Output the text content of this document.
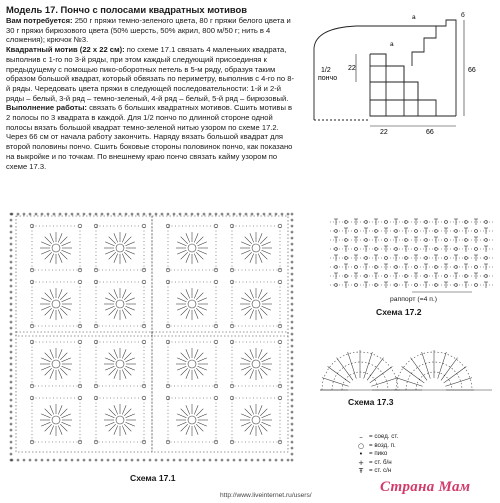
Модель 17. Пончо с полосами квадратных мотивов

Вам потребуется: 250 г пряжи темно-зеленого цвета, 80 г пряжи белого цвета и 30 г пряжи бирюзового цвета (50% шерсть, 50% акрил, 800 м/50 г; нить в 4 сложения); крючок №3.

Квадратный мотив (22 x 22 см): по схеме 17.1 связать 4 маленьких квадрата, выполнив с 1-го по 3-й ряды, при этом каждый следующий присоединяя к предыдущему с помощью пико-оборотных петель в 5-м ряду, образуя таким образом большой квадрат, который обвязать по периметру, выполнив с 4-го по 8-й ряды. Чередовать цвета пряжи в следующей последовательности: 1-й и 2-й ряды – белый, 3-й ряд – темно-зеленый, 4-й ряд – белый, 5-й ряд – бирюзовый.

Выполнение работы: связать 6 больших квадратных мотивов. Сшить мотивы в 2 полосы по 3 квадрата в каждой. Для 1/2 пончо по длинной стороне одной полосы вязать большой квадрат темно-зеленой нитью узором по схеме 17.2. Через 66 см от начала работу закончить. Наряду вязать большой квадрат для второй половины пончо. Сшить боковые стороны половинок пончо, как показано на выкройке и по точкам. По внешнему краю пончо связать кайму узором по схеме 17.3.

1/2
пончо
66
22	66
22
а	б
а
Схема 17.1
раппорт (=4 п.)
Схема 17.2
Схема 17.3
–	= соед. ст.
○ = возд. п.
• = пико
+ = ст. б/н
Ŧ = ст. с/н
http://www.liveinternet.ru/users/
Страна Мам
